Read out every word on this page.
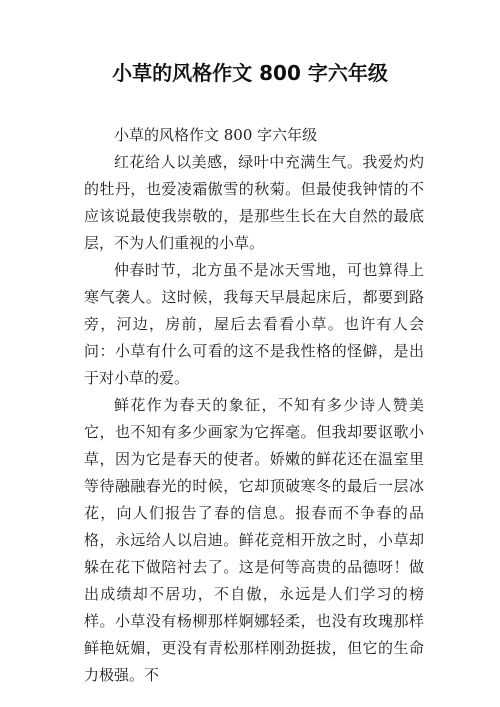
小草的风格作文 800 字六年级

小草的风格作文 800 字六年级

红花给人以美感，绿叶中充满生气。我爱灼灼的牡丹，也爱凌霜傲雪的秋菊。但最使我钟情的不应该说最使我崇敬的，是那些生长在大自然的最底层，不为人们重视的小草。

仲春时节，北方虽不是冰天雪地，可也算得上寒气袭人。这时候，我每天早晨起床后，都要到路旁，河边，房前，屋后去看看小草。也许有人会问：小草有什么可看的这不是我性格的怪僻，是出于对小草的爱。

鲜花作为春天的象征，不知有多少诗人赞美它，也不知有多少画家为它挥毫。但我却要讴歌小草，因为它是春天的使者。娇嫩的鲜花还在温室里等待融融春光的时候，它却顶破寒冬的最后一层冰花，向人们报告了春的信息。报春而不争春的品格，永远给人以启迪。鲜花竞相开放之时，小草却躲在花下做陪衬去了。这是何等高贵的品德呀！做出成绩却不居功，不自傲，永远是人们学习的榜样。小草没有杨柳那样婀娜轻柔，也没有玫瑰那样鲜艳妩媚，更没有青松那样刚劲挺拔，但它的生命力极强。不
